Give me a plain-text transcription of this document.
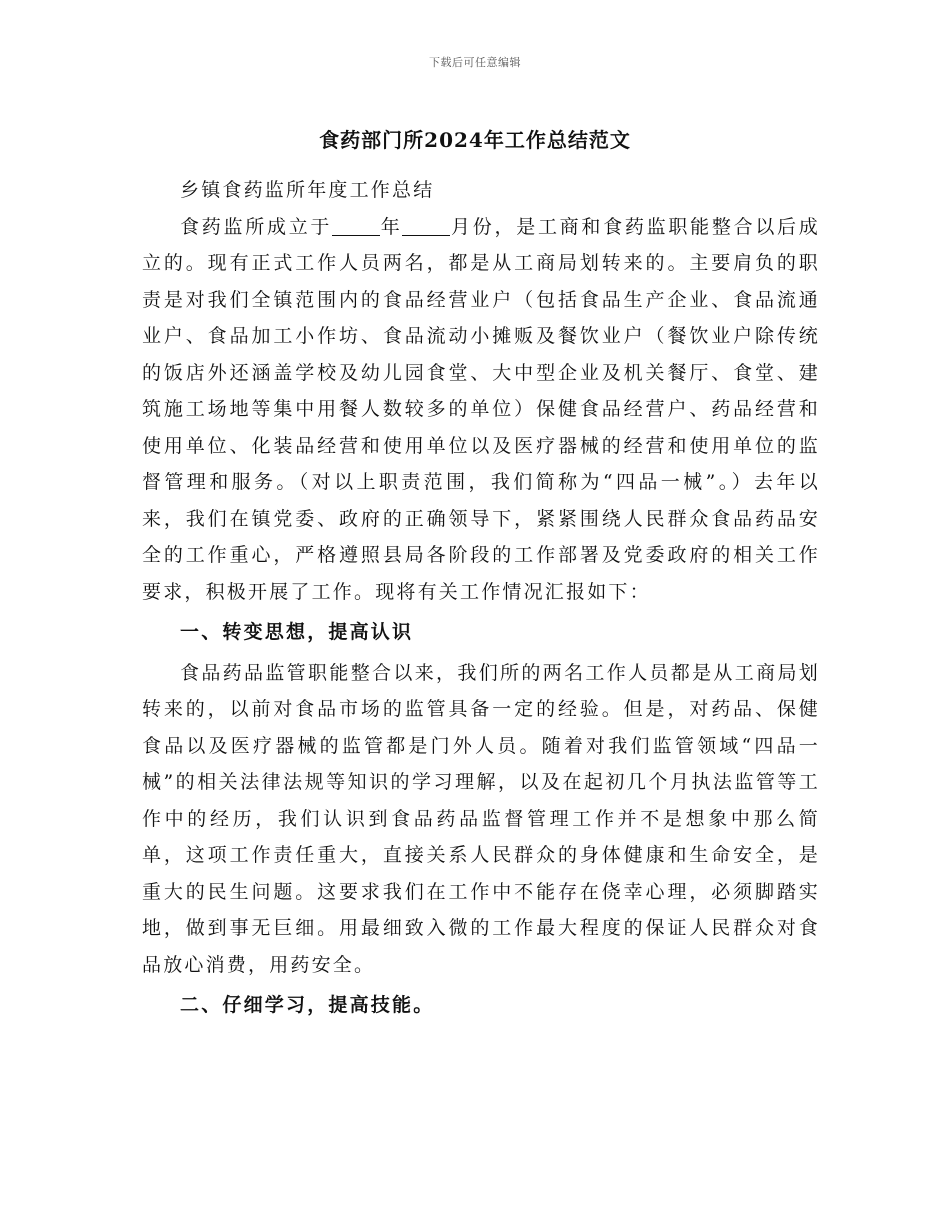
下载后可任意编辑
食药部门所2024年工作总结范文

乡镇食药监所年度工作总结

食药监所成立于	年	月份，是工商和食药监职能整合以后成立的。现有正式工作人员两名，都是从工商局划转来的。主要肩负的职责是对我们全镇范围内的食品经营业户（包括食品生产企业、食品流通业户、食品加工小作坊、食品流动小摊贩及餐饮业户（餐饮业户除传统的饭店外还涵盖学校及幼儿园食堂、大中型企业及机关餐厅、食堂、建筑施工场地等集中用餐人数较多的单位）保健食品经营户、药品经营和使用单位、化装品经营和使用单位以及医疗器械的经营和使用单位的监督管理和服务。（对以上职责范围，我们简称为“四品一械”。）去年以来，我们在镇党委、政府的正确领导下，紧紧围绕人民群众食品药品安全的工作重心，严格遵照县局各阶段的工作部署及党委政府的相关工作要求，积极开展了工作。现将有关工作情况汇报如下：

一、转变思想，提高认识

食品药品监管职能整合以来，我们所的两名工作人员都是从工商局划转来的，以前对食品市场的监管具备一定的经验。但是，对药品、保健食品以及医疗器械的监管都是门外人员。随着对我们监管领域“四品一械”的相关法律法规等知识的学习理解，以及在起初几个月执法监管等工作中的经历，我们认识到食品药品监督管理工作并不是想象中那么简单，这项工作责任重大，直接关系人民群众的身体健康和生命安全，是重大的民生问题。这要求我们在工作中不能存在侥幸心理，必须脚踏实地，做到事无巨细。用最细致入微的工作最大程度的保证人民群众对食品放心消费，用药安全。

二、仔细学习，提高技能。
